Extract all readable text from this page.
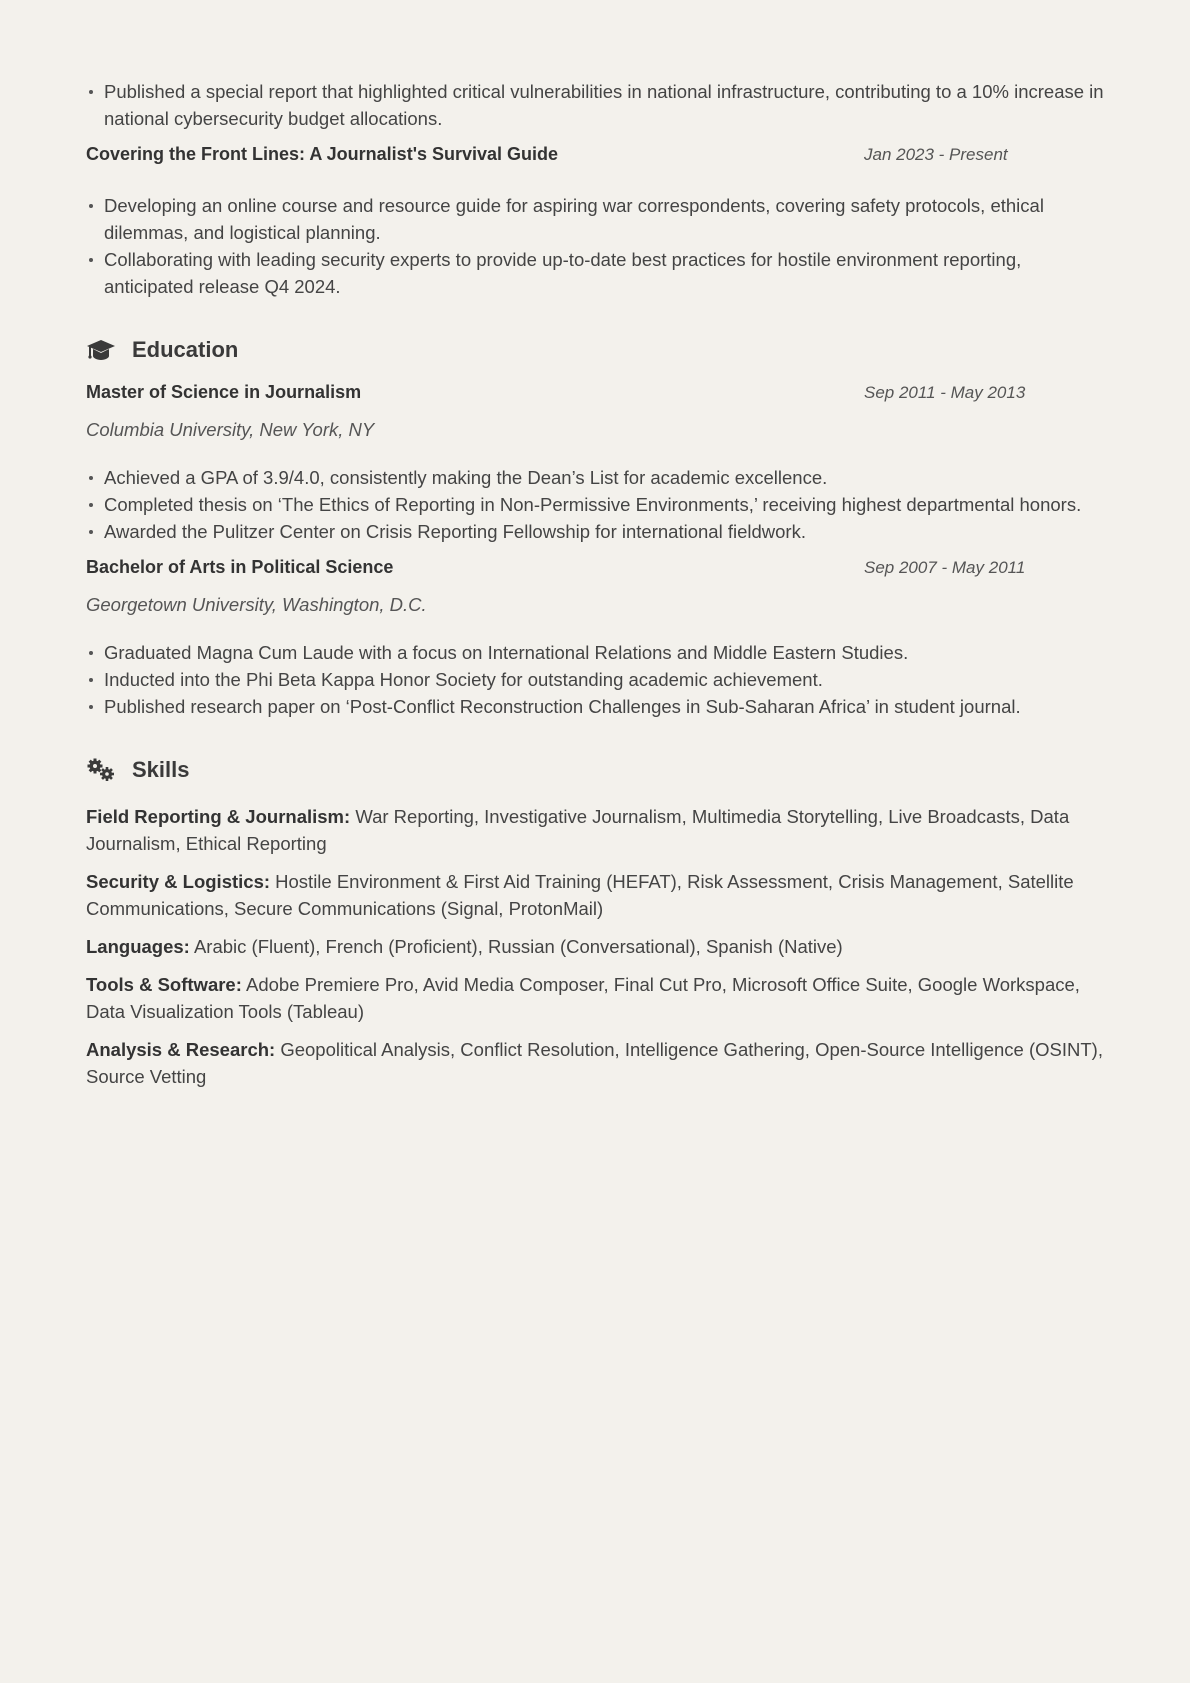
Published a special report that highlighted critical vulnerabilities in national infrastructure, contributing to a 10% increase in national cybersecurity budget allocations.
Covering the Front Lines: A Journalist's Survival Guide	Jan 2023 - Present
Developing an online course and resource guide for aspiring war correspondents, covering safety protocols, ethical dilemmas, and logistical planning.
Collaborating with leading security experts to provide up-to-date best practices for hostile environment reporting, anticipated release Q4 2024.
Education
Master of Science in Journalism	Sep 2011 - May 2013
Columbia University, New York, NY
Achieved a GPA of 3.9/4.0, consistently making the Dean’s List for academic excellence.
Completed thesis on ‘The Ethics of Reporting in Non-Permissive Environments,’ receiving highest departmental honors.
Awarded the Pulitzer Center on Crisis Reporting Fellowship for international fieldwork.
Bachelor of Arts in Political Science	Sep 2007 - May 2011
Georgetown University, Washington, D.C.
Graduated Magna Cum Laude with a focus on International Relations and Middle Eastern Studies.
Inducted into the Phi Beta Kappa Honor Society for outstanding academic achievement.
Published research paper on ‘Post-Conflict Reconstruction Challenges in Sub-Saharan Africa’ in student journal.
Skills
Field Reporting & Journalism: War Reporting, Investigative Journalism, Multimedia Storytelling, Live Broadcasts, Data Journalism, Ethical Reporting
Security & Logistics: Hostile Environment & First Aid Training (HEFAT), Risk Assessment, Crisis Management, Satellite Communications, Secure Communications (Signal, ProtonMail)
Languages: Arabic (Fluent), French (Proficient), Russian (Conversational), Spanish (Native)
Tools & Software: Adobe Premiere Pro, Avid Media Composer, Final Cut Pro, Microsoft Office Suite, Google Workspace, Data Visualization Tools (Tableau)
Analysis & Research: Geopolitical Analysis, Conflict Resolution, Intelligence Gathering, Open-Source Intelligence (OSINT), Source Vetting
